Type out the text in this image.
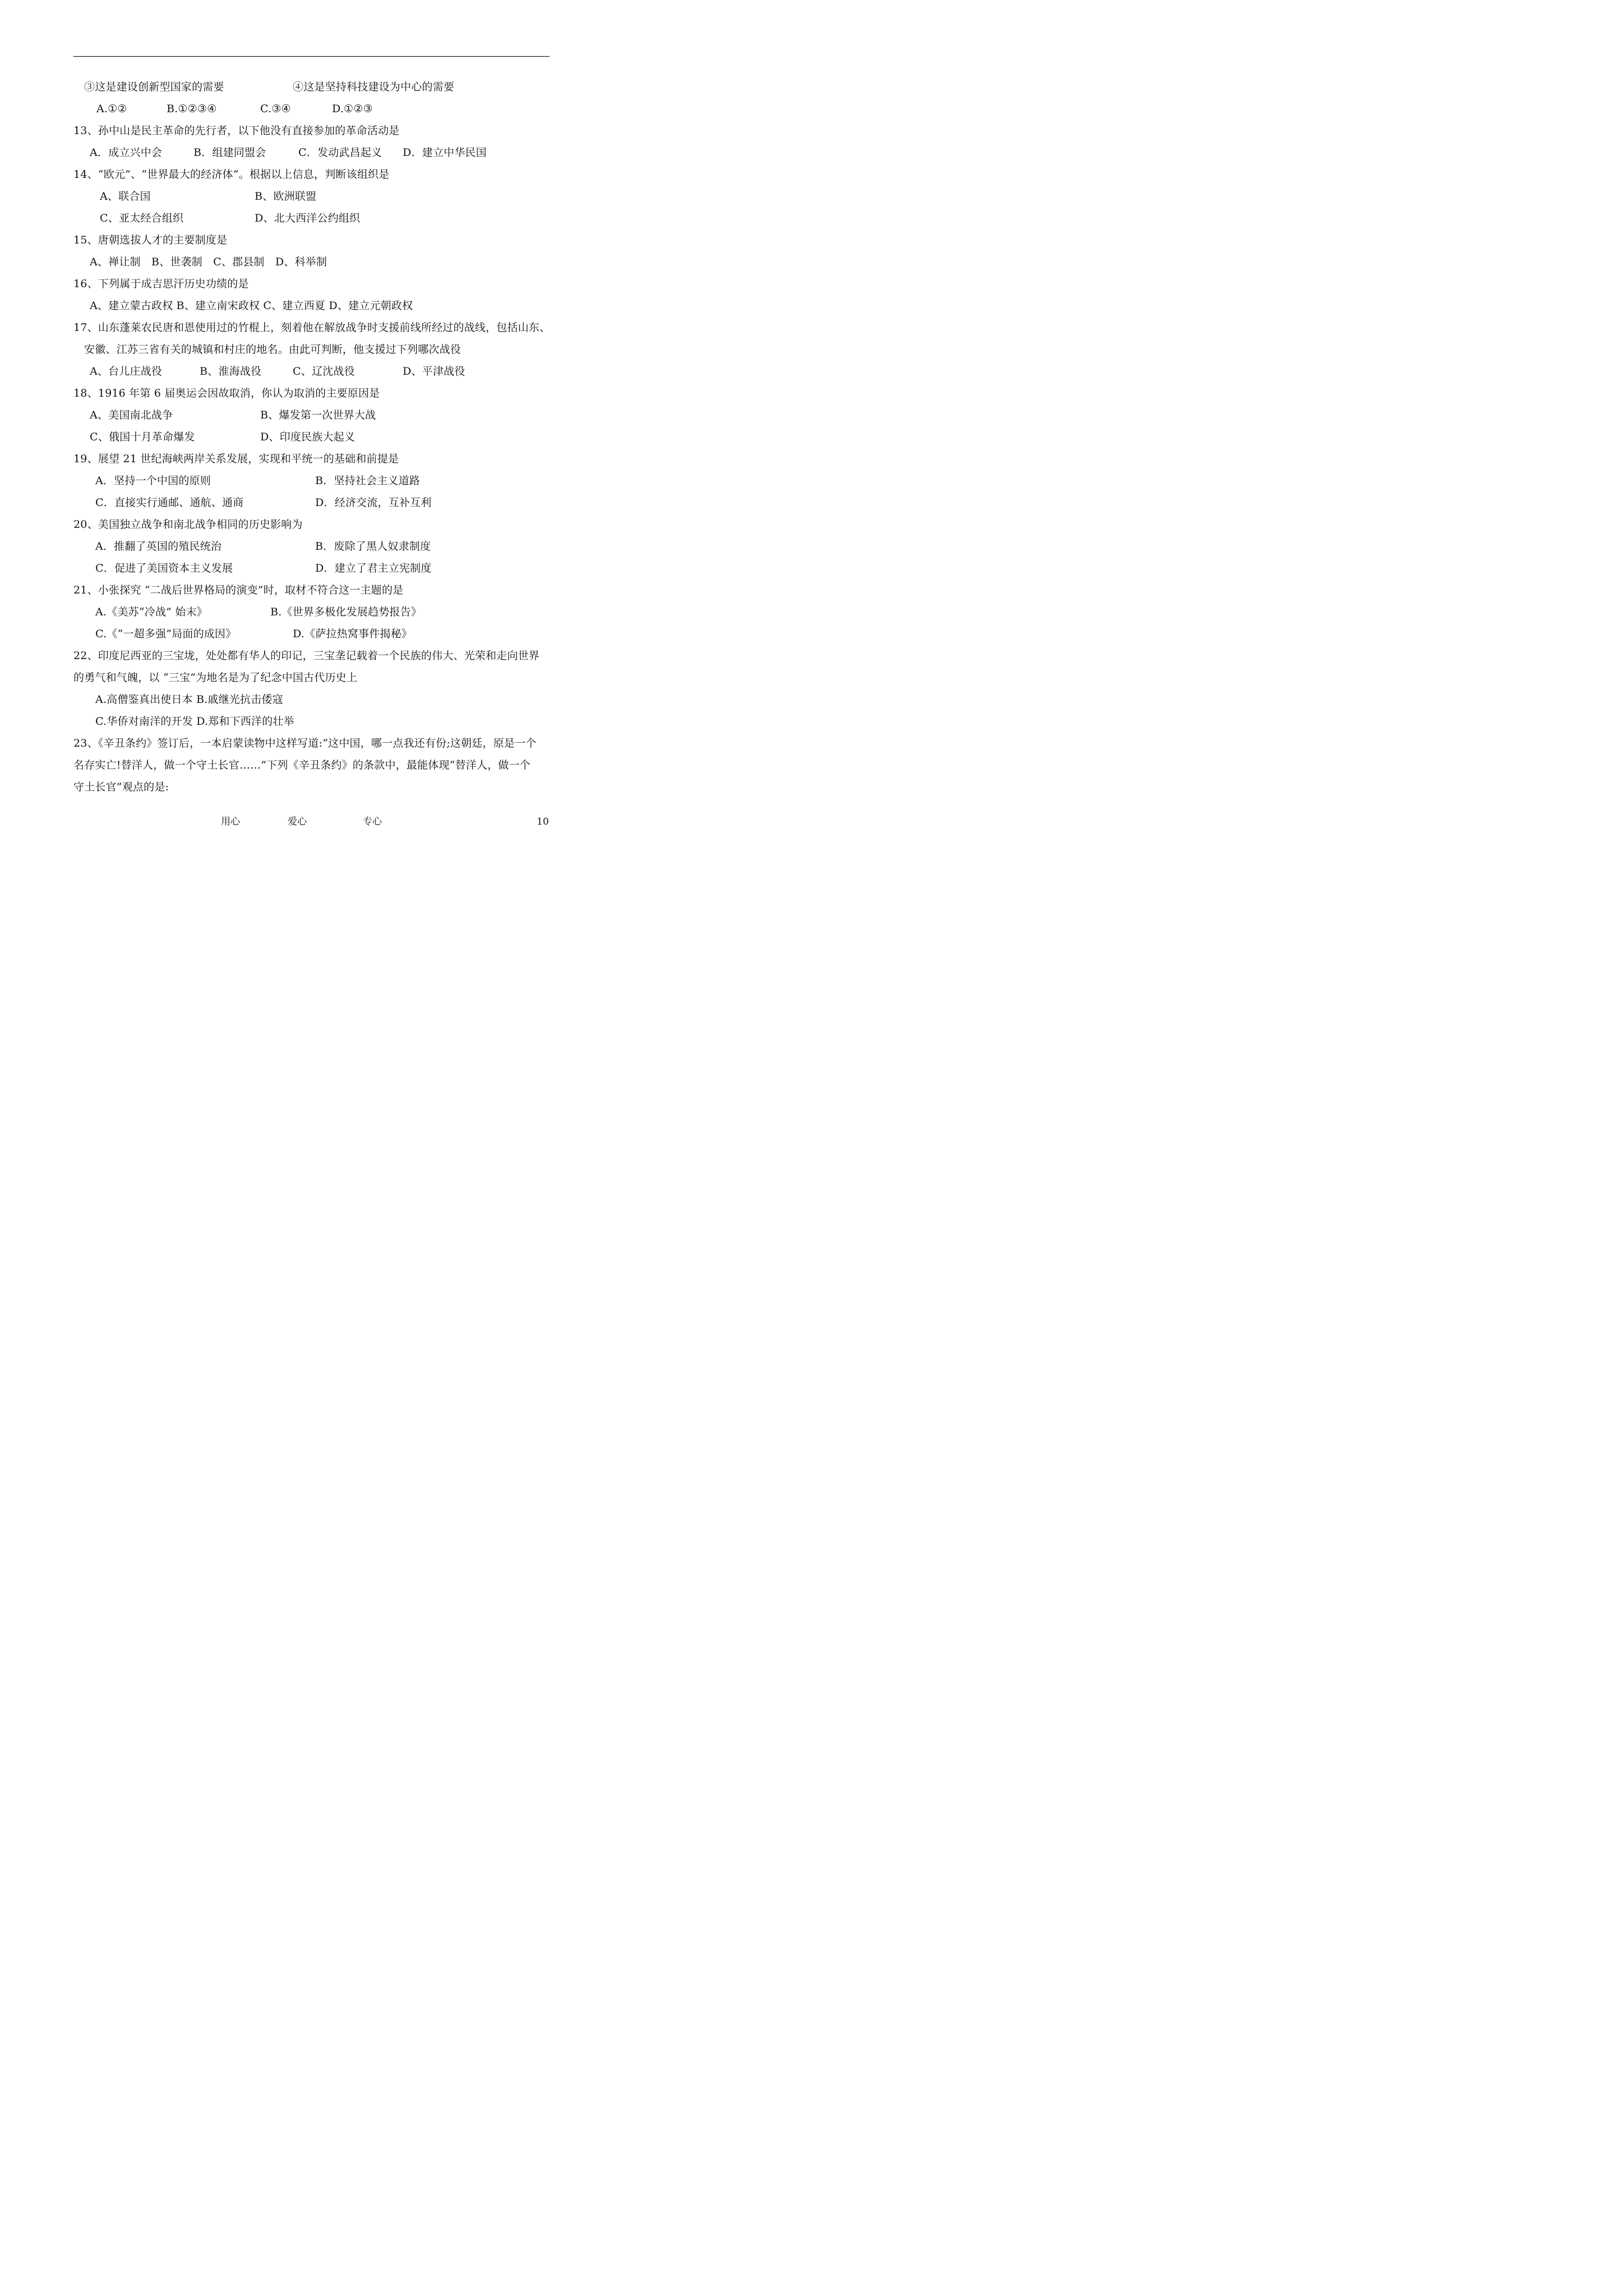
③这是建设创新型国家的需要	④这是坚持科技建设为中心的需要
A.①②	B.①②③④	C.③④	D.①②③
13、孙中山是民主革命的先行者，以下他没有直接参加的革命活动是
A．成立兴中会	B．组建同盟会	C．发动武昌起义 D．建立中华民国
14、“欧元”、“世界最大的经济体”。根据以上信息，判断该组织是
A、联合国	B、欧洲联盟
C、亚太经合组织	D、北大西洋公约组织
15、唐朝选拔人才的主要制度是
A、禅让制　B、世袭制　C、郡县制　D、科举制
16、下列属于成吉思汗历史功绩的是
A、建立蒙古政权 B、建立南宋政权 C、建立西夏 D、建立元朝政权
17、山东蓬莱农民唐和恩使用过的竹棍上，刻着他在解放战争时支援前线所经过的战线，包括山东、
安徽、江苏三省有关的城镇和村庄的地名。由此可判断，他支援过下列哪次战役
A、台儿庄战役	B、淮海战役	C、辽沈战役	D、平津战役
18、1916 年第 6 届奥运会因故取消，你认为取消的主要原因是
A、美国南北战争	B、爆发第一次世界大战
C、俄国十月革命爆发	D、印度民族大起义
19、展望 21 世纪海峡两岸关系发展，实现和平统一的基础和前提是
A．坚持一个中国的原则	B．坚持社会主义道路
C．直接实行通邮、通航、通商	D．经济交流，互补互利
20、美国独立战争和南北战争相同的历史影响为
A．推翻了英国的殖民统治	B．废除了黑人奴隶制度
C．促进了美国资本主义发展	D．建立了君主立宪制度
21、小张探究 “二战后世界格局的演变”时，取材不符合这一主题的是
A.《美苏“冷战” 始末》	B.《世界多极化发展趋势报告》
C.《“一超多强”局面的成因》	D.《萨拉热窝事件揭秘》
22、印度尼西亚的三宝垅，处处都有华人的印记，三宝垄记载着一个民族的伟大、光荣和走向世界
的勇气和气魄，以 “三宝”为地名是为了纪念中国古代历史上
A.高僧鉴真出使日本 B.戚继光抗击倭寇
C.华侨对南洋的开发 D.郑和下西洋的壮举
23、《辛丑条约》签订后，一本启蒙读物中这样写道:“这中国，哪一点我还有份;这朝廷，原是一个
名存实亡!替洋人，做一个守土长官……”下列《辛丑条约》的条款中，最能体现“替洋人，做一个
守土长官”观点的是:
用心	爱心	专心	10
